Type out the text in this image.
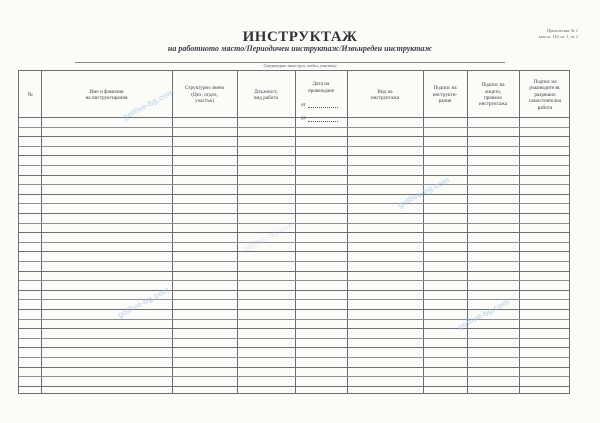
ИНСТРУКТАЖ
на работното място/Периодичен инструктаж/Извънреден инструктаж
Приложение № 1
към чл. 11б, ал. 1, т. 1
Структурно звено (цех, отдел, участък)
№
Име и фамилия
на инструктирания
Структурно звено
(Цех, отдел,
участък)
Длъжност,
вид работа

Дата на
провеждане

от

до

Вид на
инструктажа
Подпис на
инструкти-
рания
Подпис на
лицето,
провело
инструктажа
Подпис на
ръководителя,
разрешил
самостоятелна
работа
golfive-bg.com
golfive-bg.com
golfive-bg.com	golfive-bg.com
golfive-bg.com
